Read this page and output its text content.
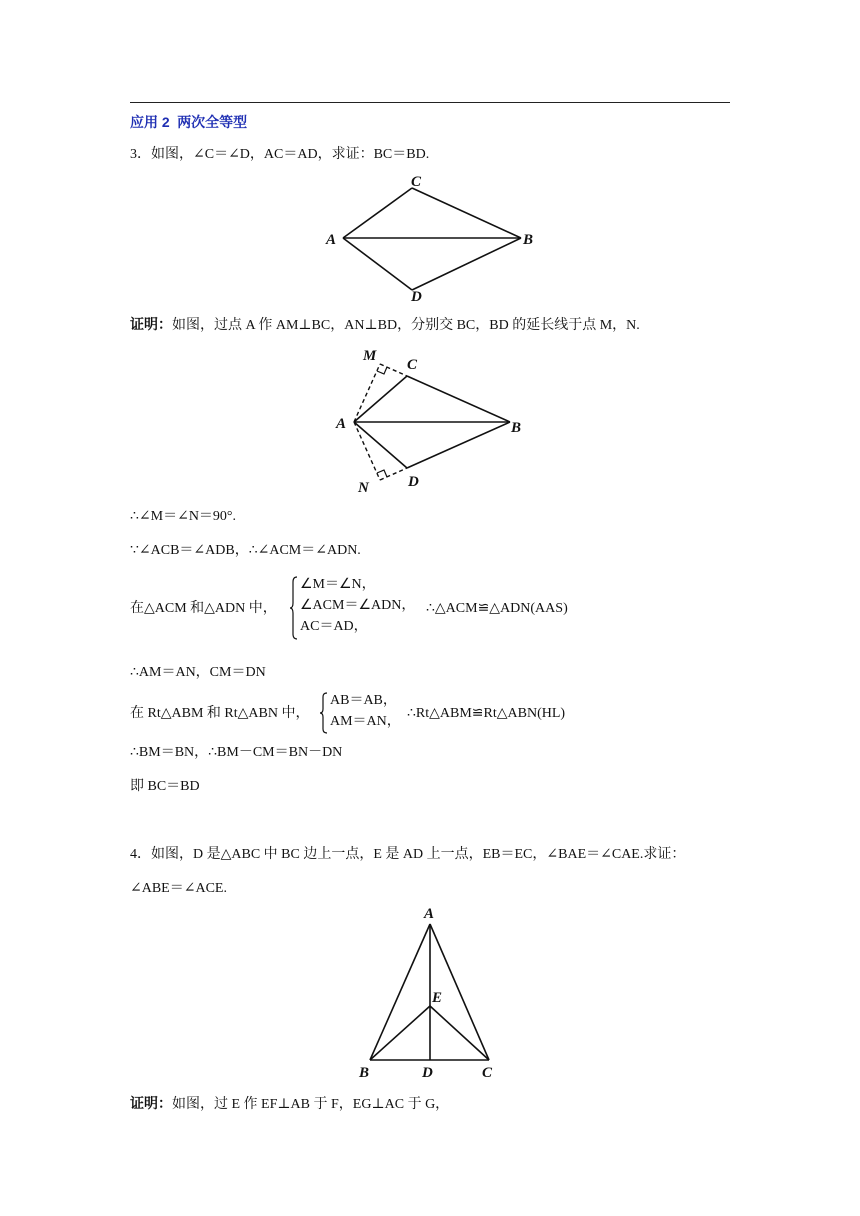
应用 2 两次全等型
3．如图，∠C＝∠D，AC＝AD，求证：BC＝BD.
C
A	B
D
证明：如图，过点 A 作 AM⊥BC，AN⊥BD，分别交 BC，BD 的延长线于点 M，N.
M
C
A	B
N	D
∴∠M＝∠N＝90°.
∵∠ACB＝∠ADB，∴∠ACM＝∠ADN.
在△ACM 和△ADN 中，
∠M＝∠N，
∠ACM＝∠ADN，
AC＝AD，
∴△ACM≌△ADN(AAS)
∴AM＝AN，CM＝DN
在 Rt△ABM 和 Rt△ABN 中，
AB＝AB，
AM＝AN，
∴Rt△ABM≌Rt△ABN(HL)
∴BM＝BN，∴BM－CM＝BN－DN
即 BC＝BD
4．如图，D 是△ABC 中 BC 边上一点，E 是 AD 上一点，EB＝EC，∠BAE＝∠CAE.求证：
∠ABE＝∠ACE.
A
E
B	D	C
证明：如图，过 E 作 EF⊥AB 于 F，EG⊥AC 于 G，
